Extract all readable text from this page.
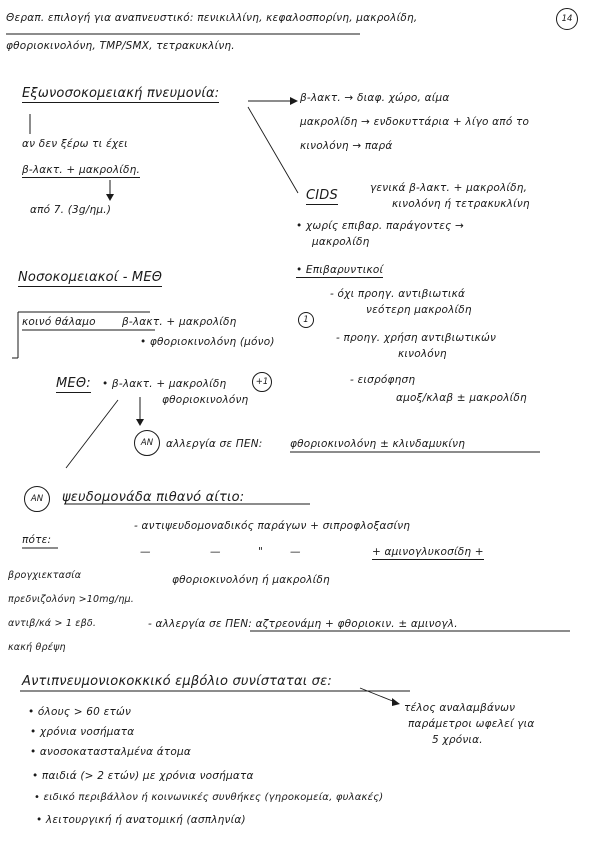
Θεραπ. επιλογή για αναπνευστικό: πενικιλλίνη, κεφαλοσπορίνη, μακρολίδη,	14
φθοριοκινολόνη, TMP/SMX, τετρακυκλίνη.
Εξωνοσοκομειακή πνευμονία:	β-λακτ. → διαφ. χώρο, αίμα
μακρολίδη → ενδοκυττάρια + λίγο από το
κινολόνη → παρά
αν δεν ξέρω τι έχει
β-λακτ. + μακρολίδη.
από 7. (3g/ημ.)
CIDS	γενικά β-λακτ. + μακρολίδη,
κινολόνη ή τετρακυκλίνη
• χωρίς επιβαρ. παράγοντες →
μακρολίδη
• Επιβαρυντικοί
- όχι προηγ. αντιβιωτικά
νεότερη μακρολίδη
- προηγ. χρήση αντιβιωτικών
κινολόνη
- εισρόφηση
αμοξ/κλαβ ± μακρολίδη
Νοσοκομειακοί - ΜΕΘ
κοινό θάλαμο β-λακτ. + μακρολίδη	1
• φθοριοκινολόνη (μόνο)
ΜΕΘ: • β-λακτ. + μακρολίδη	+1
φθοριοκινολόνη
AN	αλλεργία σε ΠΕΝ:	φθοριοκινολόνη ± κλινδαμυκίνη
AN	ψευδομονάδα πιθανό αίτιο:
- αντιψευδομοναδικός παράγων + σιπροφλοξασίνη
πότε:
—	—	"	—	+ αμινογλυκοσίδη +
φθοριοκινολόνη ή μακρολίδη
βρογχιεκτασία
πρεδνιζολόνη >10mg/ημ.
αντιβ/κά > 1 εβδ.
κακή θρέψη
- αλλεργία σε ΠΕΝ: αζτρεονάμη + φθοριοκιν. ± αμινογλ.
Αντιπνευμονιοκοκκικό εμβόλιο συνίσταται σε:
τέλος αναλαμβάνων
παράμετροι ωφελεί για
5 χρόνια.
• όλους > 60 ετών
• χρόνια νοσήματα
• ανοσοκατασταλμένα άτομα
• παιδιά (> 2 ετών) με χρόνια νοσήματα
• ειδικό περιβάλλον ή κοινωνικές συνθήκες (γηροκομεία, φυλακές)
• λειτουργική ή ανατομική (ασπληνία)
